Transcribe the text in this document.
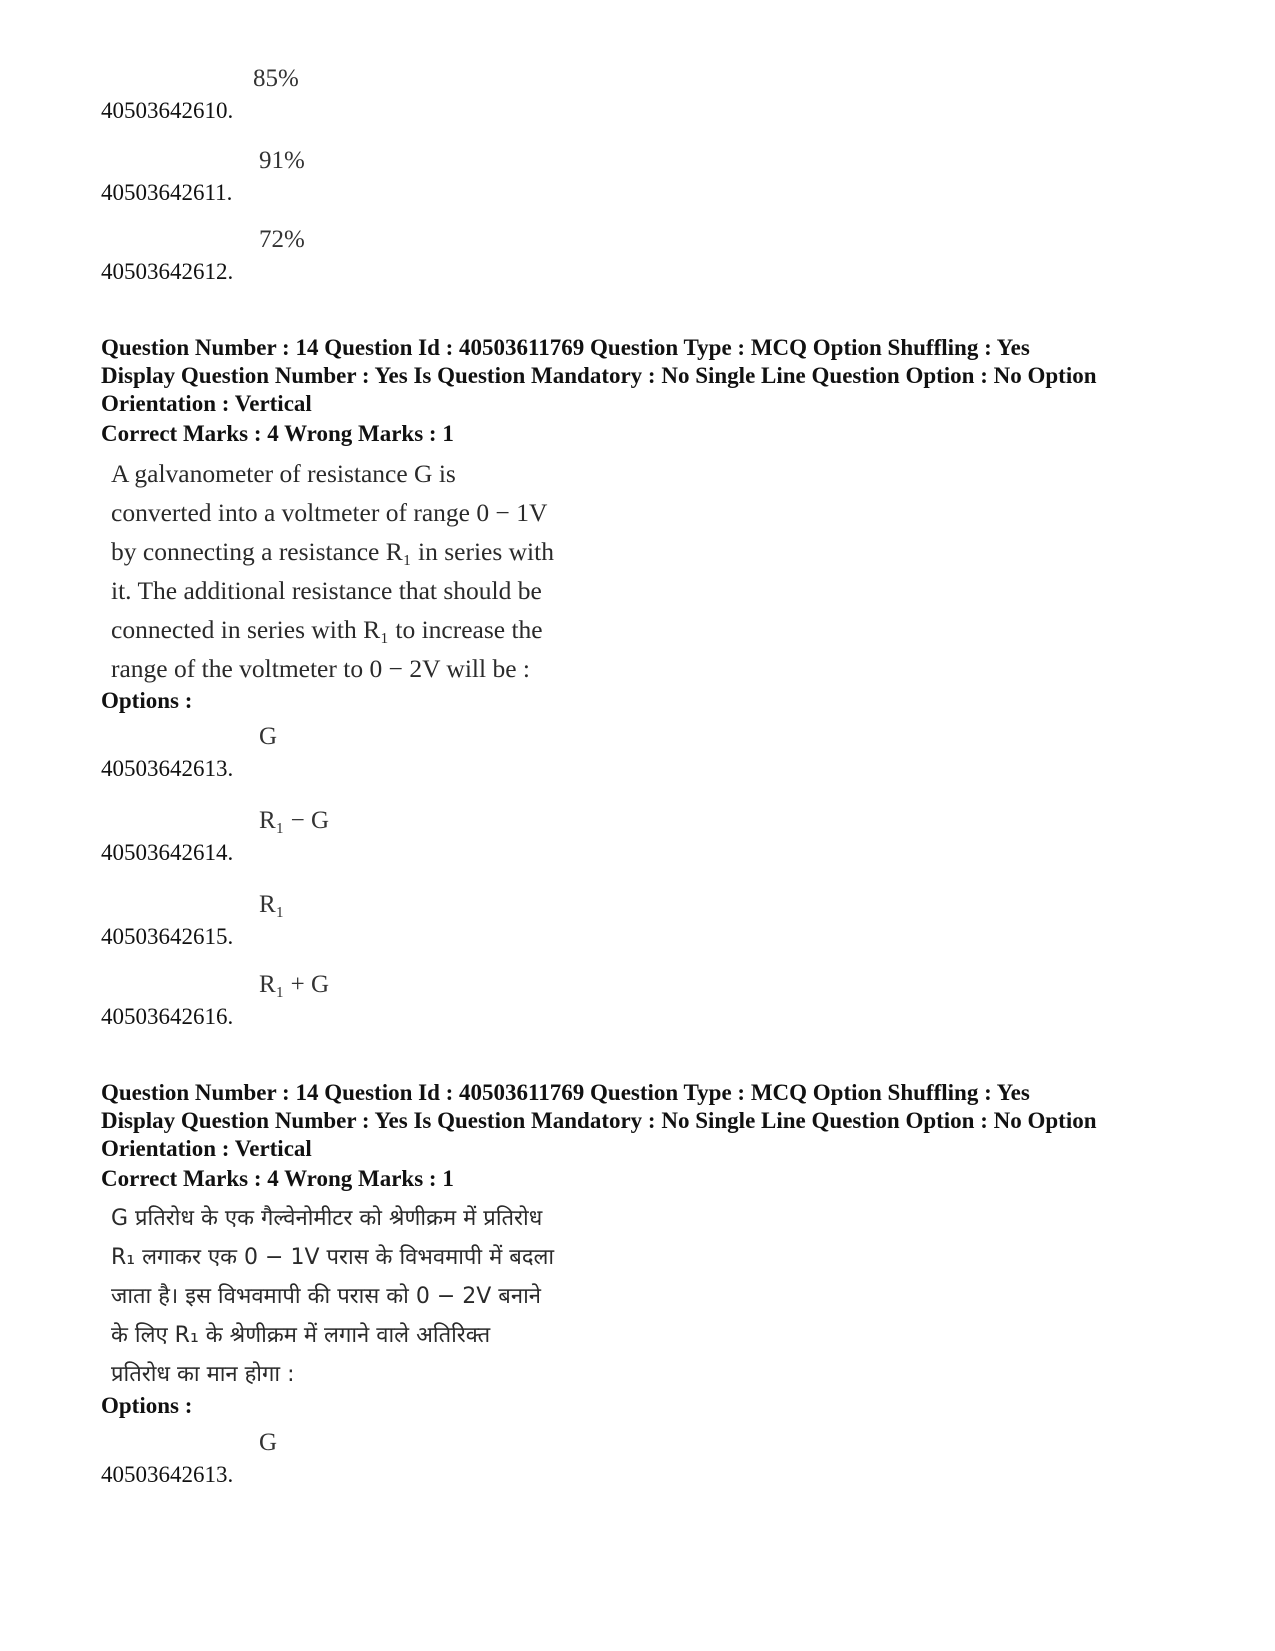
40503642610.
85%
40503642611.
91%
40503642612.
72%

Question Number : 14 Question Id : 40503611769 Question Type : MCQ Option Shuffling : Yes

Display Question Number : Yes Is Question Mandatory : No Single Line Question Option : No Option

Orientation : Vertical

Correct Marks : 4 Wrong Marks : 1

A galvanometer of resistance G is

converted into a voltmeter of range 0 − 1V

by connecting a resistance R₁ in series with

it. The additional resistance that should be

connected in series with R₁ to increase the

range of the voltmeter to 0 − 2V will be :

Options :
40503642613.
G
40503642614.
R₁ − G
40503642615.
R₁
40503642616.
R₁ + G

Question Number : 14 Question Id : 40503611769 Question Type : MCQ Option Shuffling : Yes

Display Question Number : Yes Is Question Mandatory : No Single Line Question Option : No Option

Orientation : Vertical

Correct Marks : 4 Wrong Marks : 1

G प्रतिरोध के एक गैल्वेनोमीटर को श्रेणीक्रम में प्रतिरोध

R₁ लगाकर एक 0 − 1V परास के विभवमापी में बदला

जाता है। इस विभवमापी की परास को 0 − 2V बनाने

के लिए R₁ के श्रेणीक्रम में लगाने वाले अतिरिक्त

प्रतिरोध का मान होगा :

Options :
40503642613.
G
